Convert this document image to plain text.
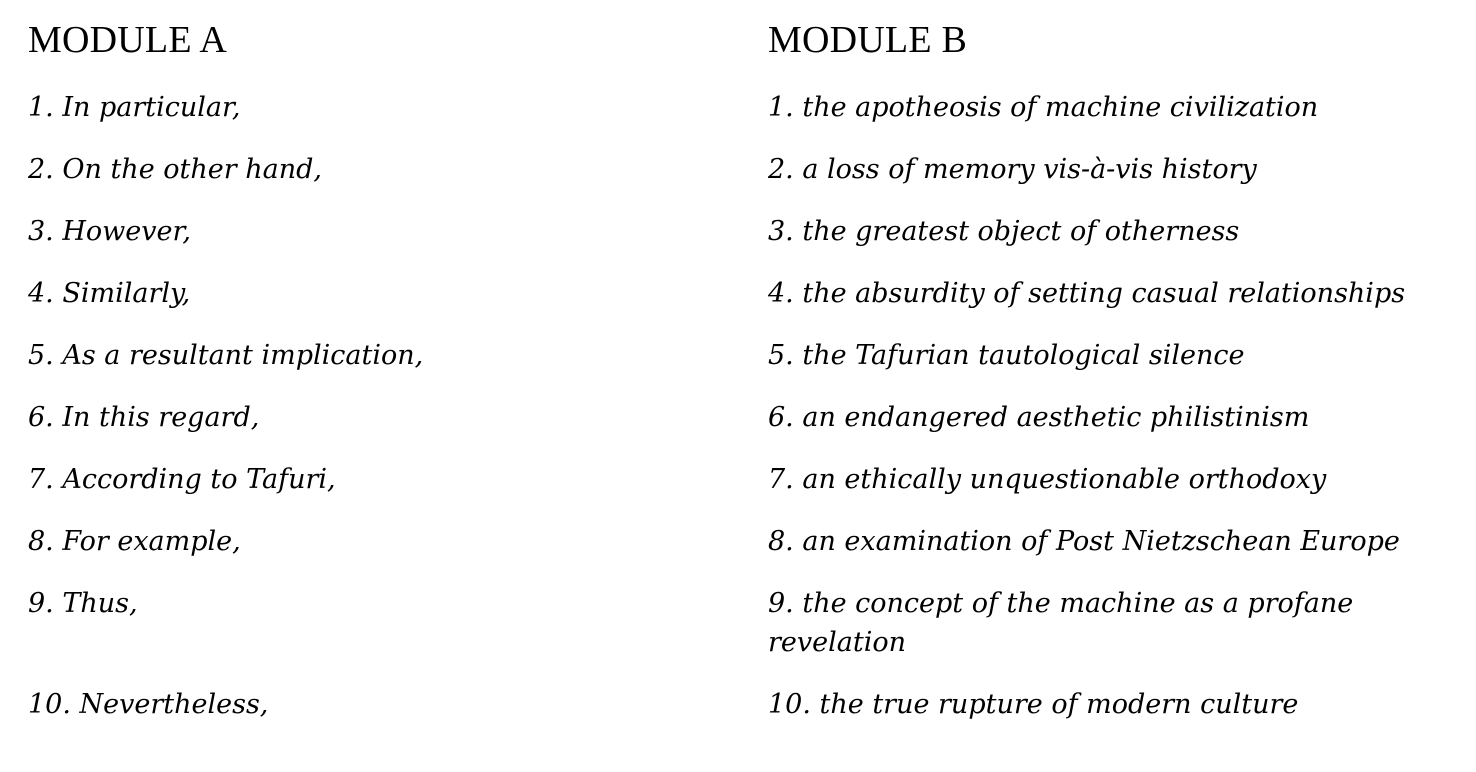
MODULE A
1. In particular,
2. On the other hand,
3. However,
4. Similarly,
5. As a resultant implication,
6. In this regard,
7. According to Tafuri,
8. For example,
9. Thus,
10. Nevertheless,
MODULE B
1. the apotheosis of machine civilization
2. a loss of memory vis-à-vis history
3. the greatest object of otherness
4. the absurdity of setting casual relationships
5. the Tafurian tautological silence
6. an endangered aesthetic philistinism
7. an ethically unquestionable orthodoxy
8. an examination of Post Nietzschean Europe
9. the concept of the machine as a profane revelation
10. the true rupture of modern culture
